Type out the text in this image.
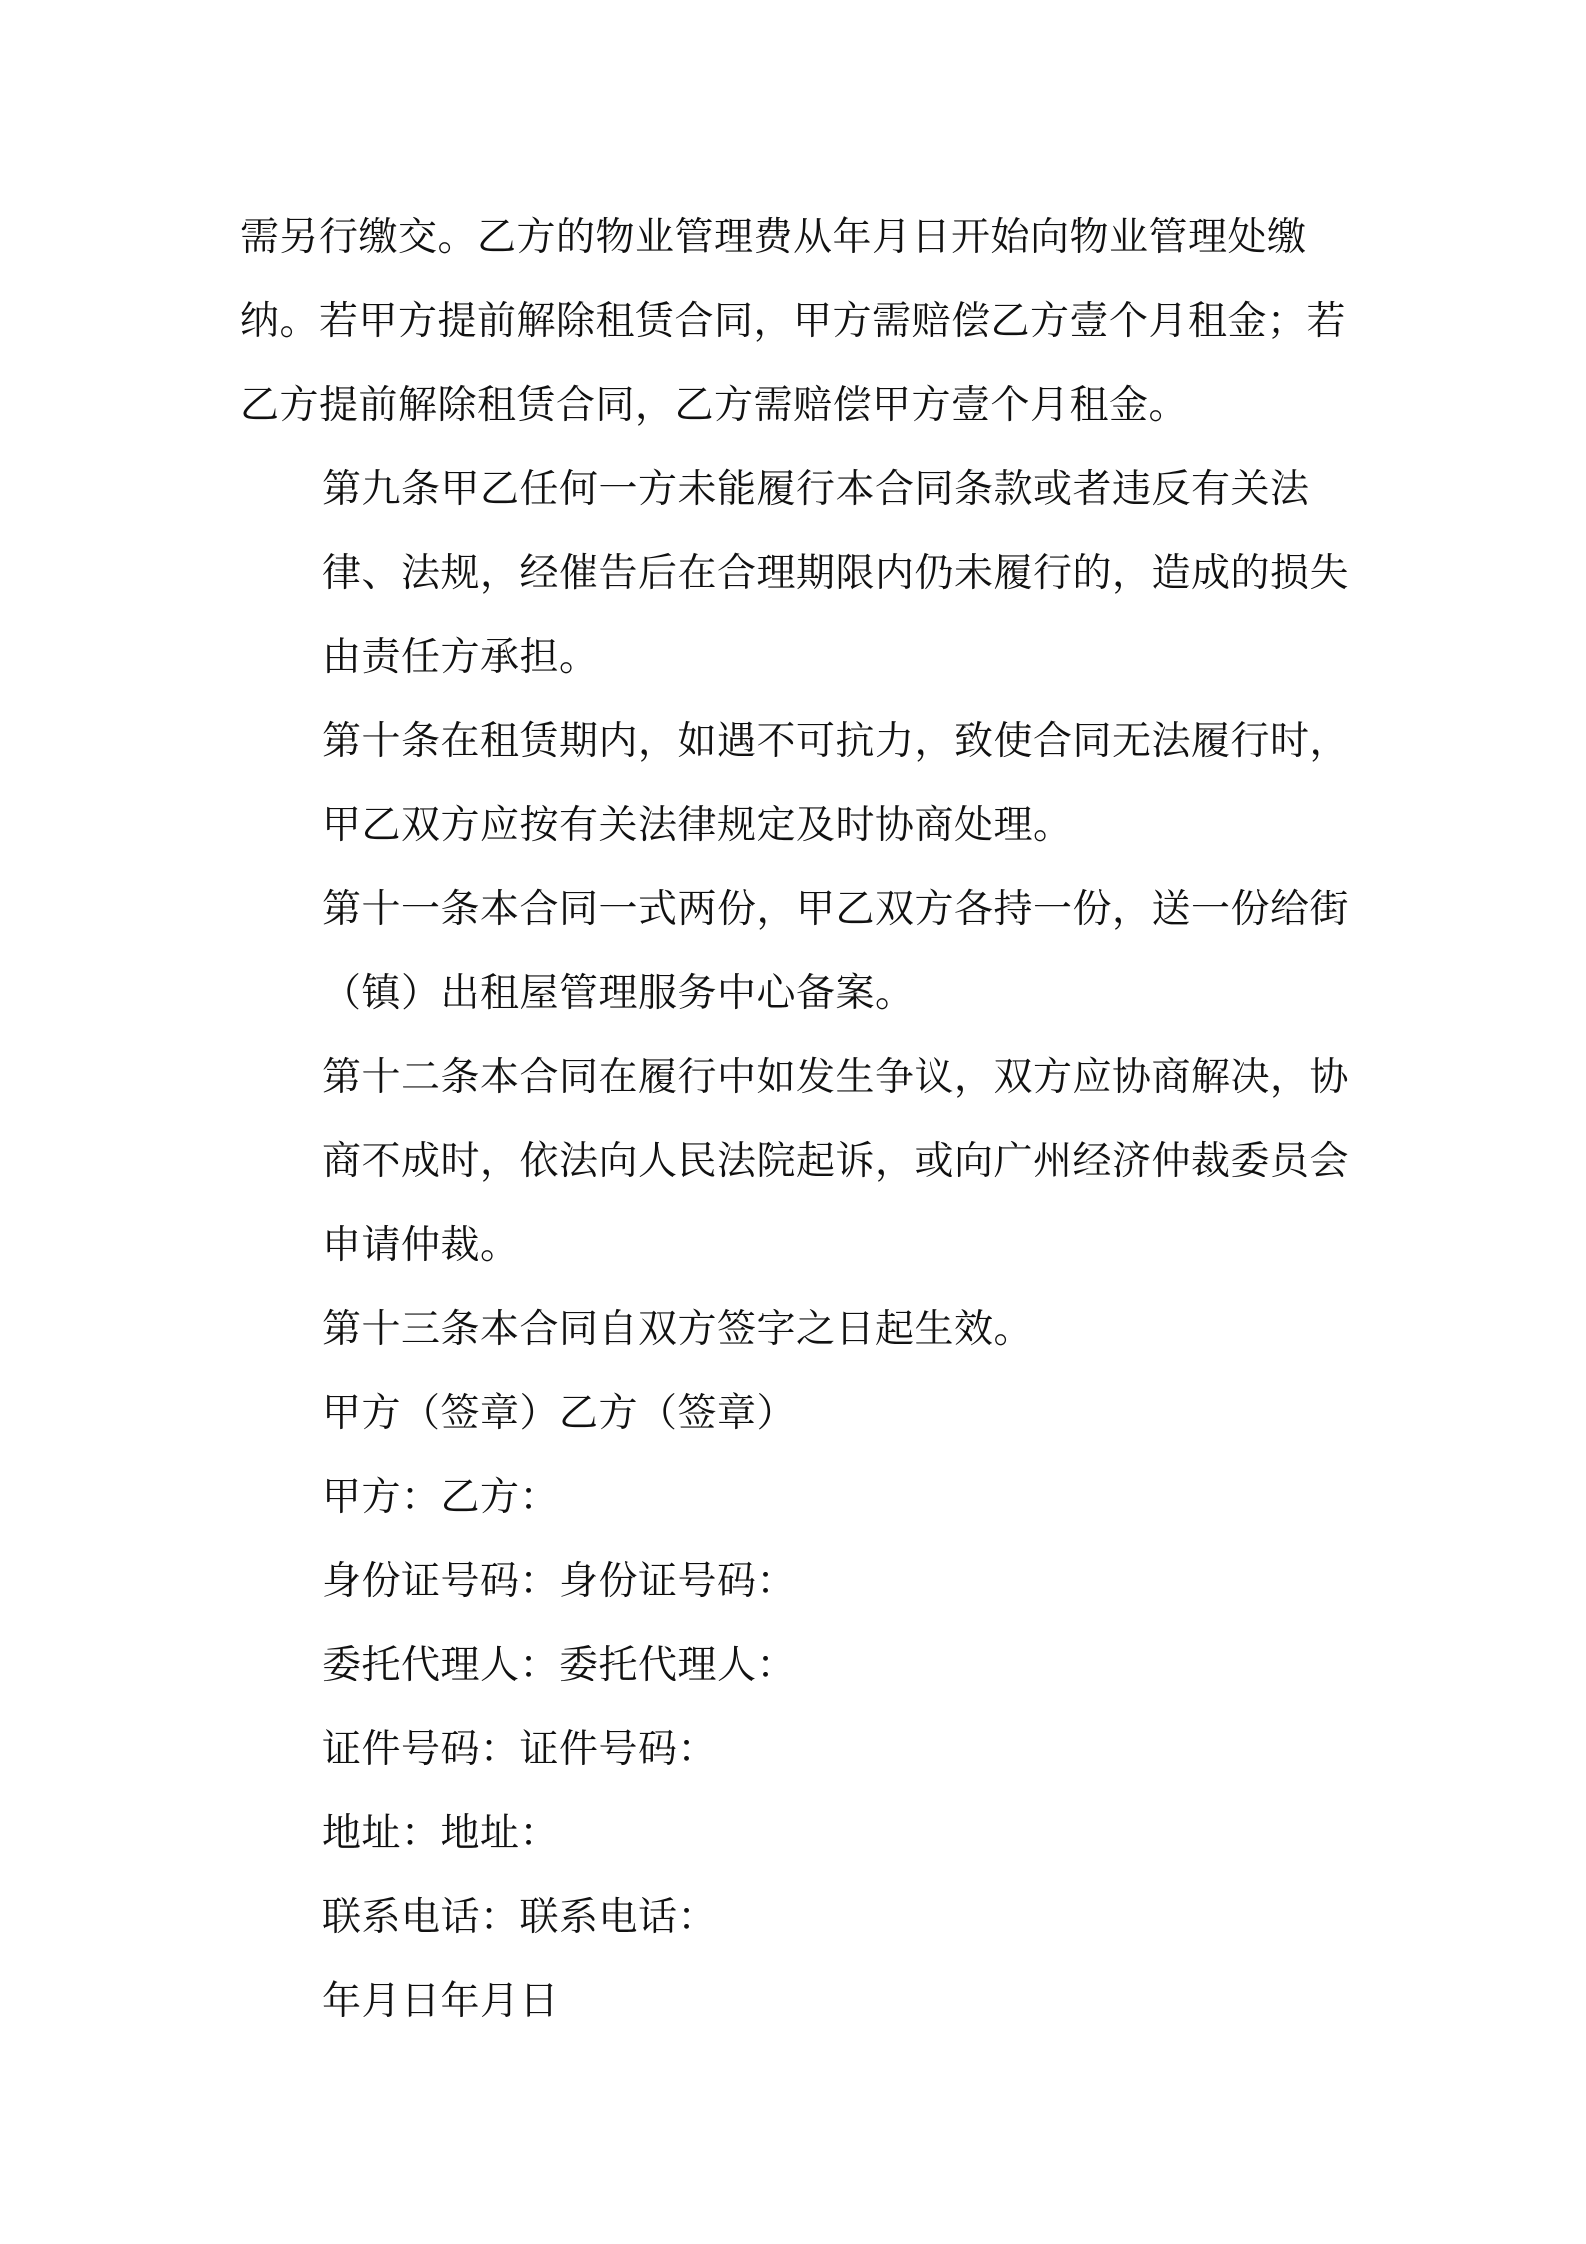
需另行缴交。乙方的物业管理费从年月日开始向物业管理处缴纳。若甲方提前解除租赁合同，甲方需赔偿乙方壹个月租金；若乙方提前解除租赁合同，乙方需赔偿甲方壹个月租金。

第九条甲乙任何一方未能履行本合同条款或者违反有关法律、法规，经催告后在合理期限内仍未履行的，造成的损失由责任方承担。

第十条在租赁期内，如遇不可抗力，致使合同无法履行时，甲乙双方应按有关法律规定及时协商处理。

第十一条本合同一式两份，甲乙双方各持一份，送一份给街（镇）出租屋管理服务中心备案。

第十二条本合同在履行中如发生争议，双方应协商解决，协商不成时，依法向人民法院起诉，或向广州经济仲裁委员会申请仲裁。

第十三条本合同自双方签字之日起生效。

甲方（签章）乙方（签章）

甲方：乙方：

身份证号码：身份证号码：

委托代理人：委托代理人：

证件号码：证件号码：

地址：地址：

联系电话：联系电话：

年月日年月日
